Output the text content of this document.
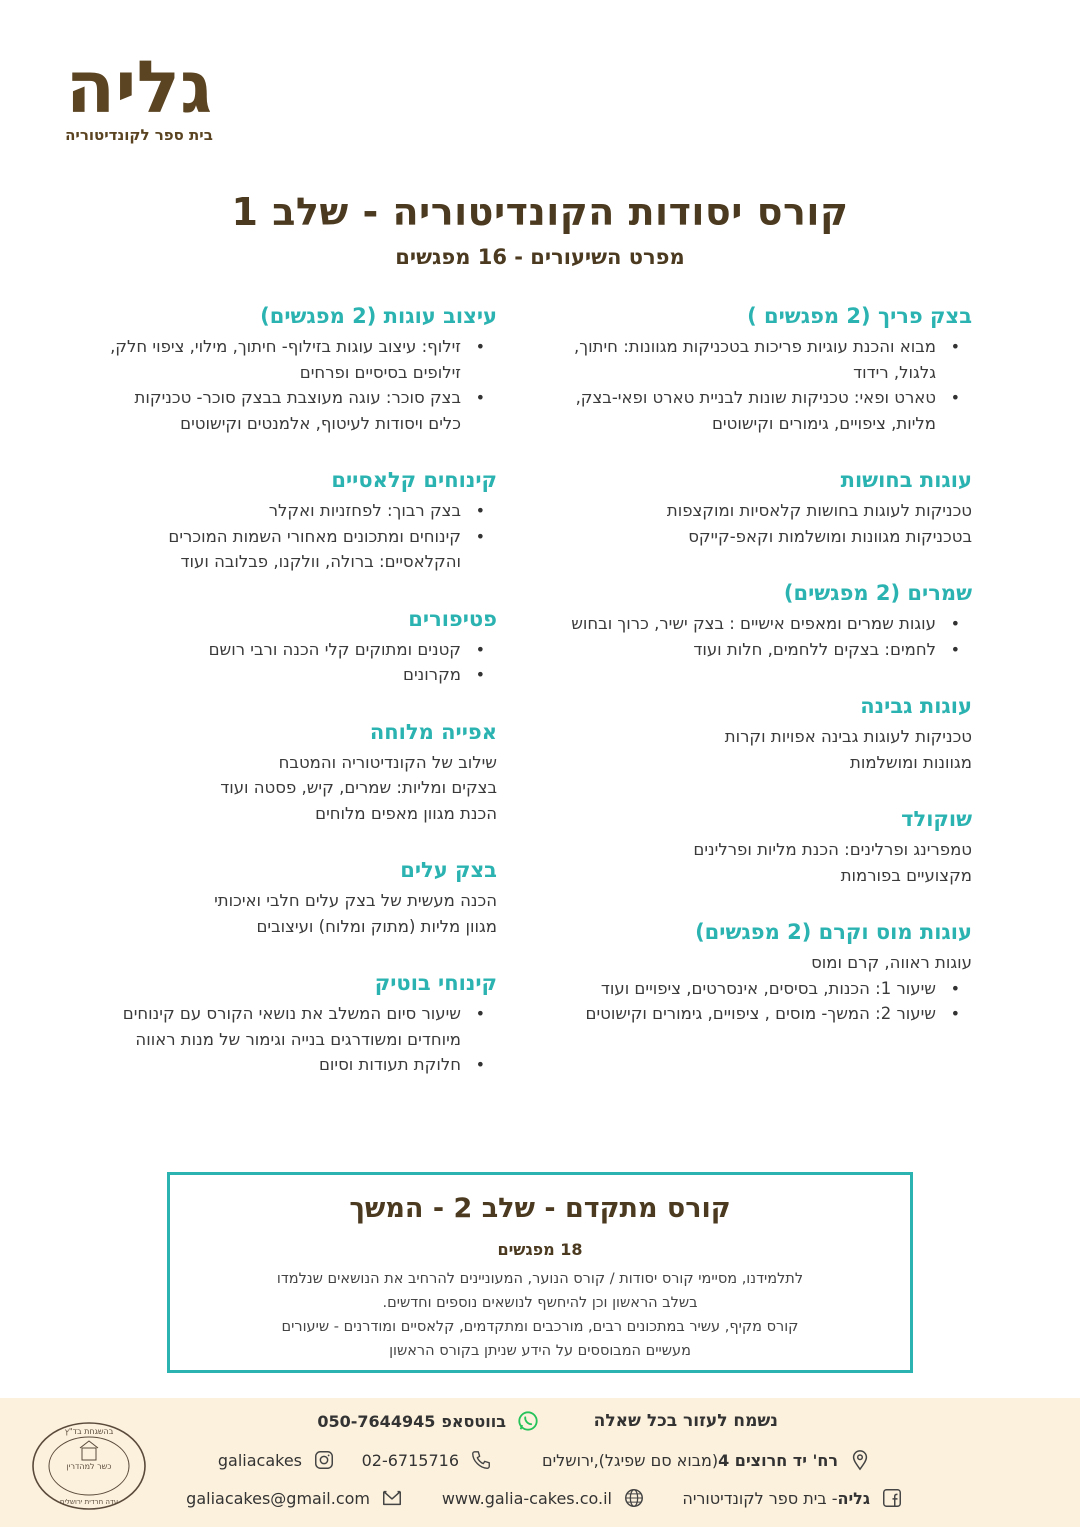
גליה
בית ספר לקונדיטוריה
קורס יסודות הקונדיטוריה - שלב 1
מפרט השיעורים - 16 מפגשים
בצק פריך (2 מפגשים )
• מבוא והכנת עוגיות פריכות בטכניקות מגוונות: חיתוך, גלגול, רידוד
• טארט ופאי: טכניקות שונות לבניית טארט ופאי-בצק, מליות, ציפויים, גימורים וקישוטים
עוגות בחושות
טכניקות לעוגות בחושות קלאסיות ומוקצפות
בטכניקות מגוונות ומושלמות וקאפ-קייקס
שמרים (2 מפגשים)
• עוגות שמרים ומאפים אישיים : בצק ישיר, כרוך ובחוש
• לחמים: בצקים ללחמים, חלות ועוד
עוגות גבינה
טכניקות לעוגות גבינה אפויות וקרות
מגוונות ומושלמות
שוקולד
טמפרינג ופרלינים: הכנת מליות ופרלינים
מקצועיים בפורמות
עוגות מוס וקרם (2 מפגשים)
עוגות ראווה, קרם ומוס
• שיעור 1: הכנות, בסיסים, אינסרטים, ציפויים ועוד
• שיעור 2: המשך- מוסים , ציפויים, גימורים וקישוטים
עיצוב עוגות (2 מפגשים)
• זילוף: עיצוב עוגות בזילוף- חיתוך, מילוי, ציפוי חלק, זילופים בסיסיים ופרחים
• בצק סוכר: עוגה מעוצבת בבצק סוכר- טכניקות כלים ויסודות לעיטוף, אלמנטים וקישוטים
קינוחים קלאסיים
• בצק רבוך: לפחזניות ואקלר
• קינוחים ומתכונים מאחורי השמות המוכרים והקלאסיים: ברולה, וולקנו, פבלובה ועוד
פטיפורים
• קטנים ומתוקים קלי הכנה ורבי רושם
• מקרונים
אפייה מלוחה
שילוב של הקונדיטוריה והמטבח
בצקים ומליות: שמרים, קיש, פסטה ועוד
הכנת מגוון מאפים מלוחים
בצק עלים
הכנה מעשית של בצק עלים חלבי ואיכותי
מגוון מליות (מתוק ומלוח) ועיצובים
קינוחי בוטיק
• שיעור סיום המשלב את נושאי הקורס עם קינוחים מיוחדים ומשודרגים בנייה וגימור של מנות ראווה
• חלוקת תעודות וסיום
קורס מתקדם - שלב 2 - המשך
18 מפגשים
לתלמידנו, מסיימי קורס יסודות / קורס הנוער, המעוניינים להרחיב את הנושאים שנלמדו בשלב הראשון וכן להיחשף לנושאים נוספים וחדשים.
קורס מקיף, עשיר במתכונים רבים, מורכבים ומתקדמים, קלאסיים ומודרנים - שיעורים מעשיים המבוססים על הידע שניתן בקורס הראשון
בהשגחת בד"ץ
כשר למהדרין
עדה חרדית ירושלים
נשמח לעזור בכל שאלה
בווטסאפ
050-7644945
רח' יד חרוצים 4
(מבוא סם שפיגל),ירושלים
02-6715716
galiacakes
גליה
- בית ספר לקונדיטוריה
www.galia-cakes.co.il
galiacakes@gmail.com
